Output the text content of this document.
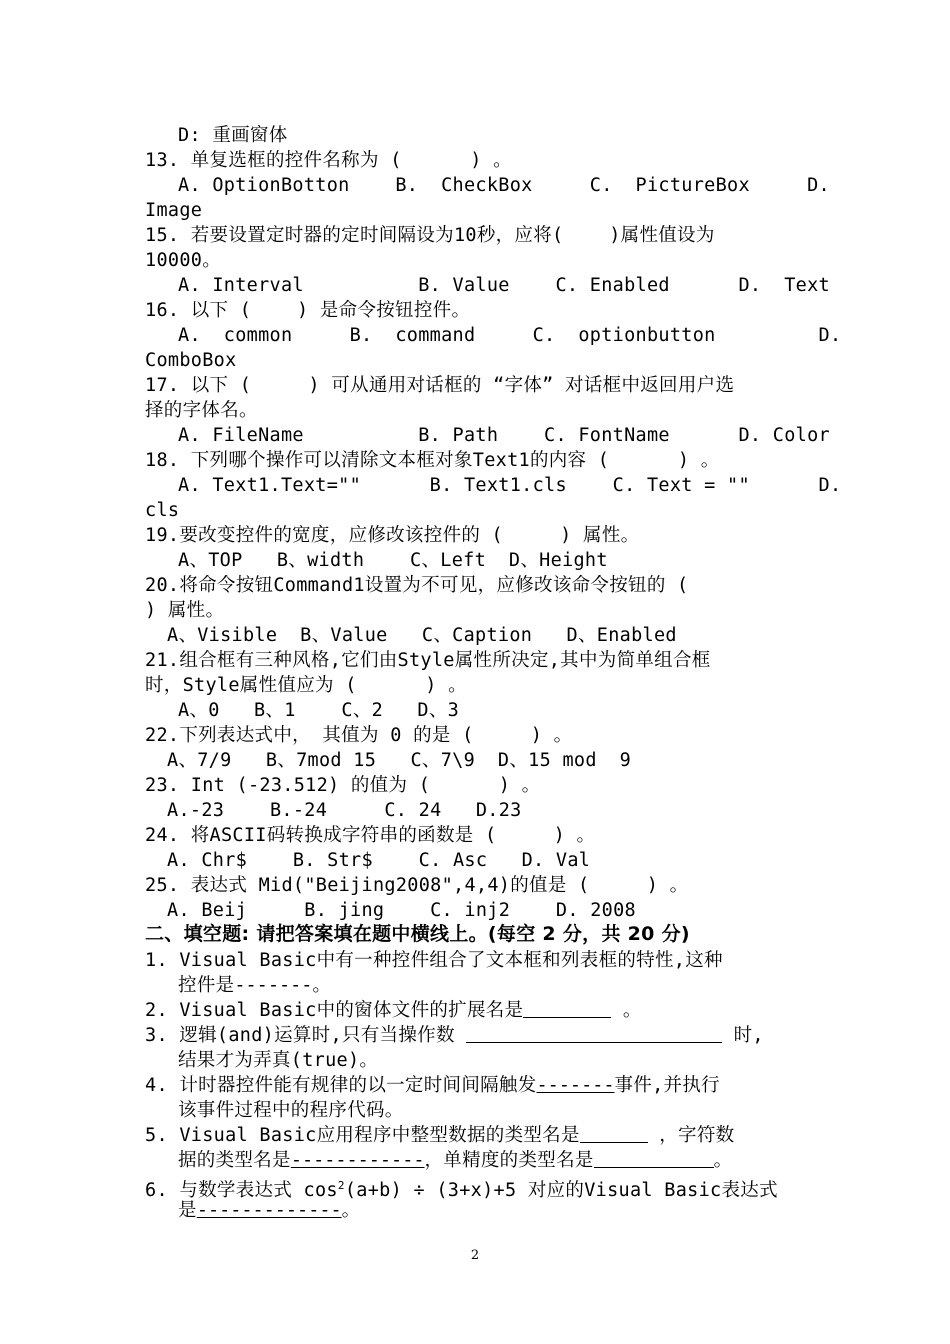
D: 重画窗体
13. 单复选框的控件名称为 (      ) 。
A. OptionBotton    B.  CheckBox     C.  PictureBox     D.
Image
15. 若要设置定时器的定时间隔设为10秒，应将(    )属性值设为
10000。
A. Interval          B. Value    C. Enabled      D.  Text
16. 以下 (    ) 是命令按钮控件。
A.  common     B.  command     C.  optionbutton         D.
ComboBox
17. 以下 (     ) 可从通用对话框的 “字体” 对话框中返回用户选
择的字体名。
A. FileName          B. Path    C. FontName      D. Color
18. 下列哪个操作可以清除文本框对象Text1的内容 (      ) 。
A. Text1.Text=""      B. Text1.cls    C. Text = ""      D.
cls
19.要改变控件的宽度，应修改该控件的 (     ) 属性。
A、TOP   B、width    C、Left  D、Height
20.将命令按钮Command1设置为不可见，应修改该命令按钮的 (
) 属性。
A、Visible  B、Value   C、Caption   D、Enabled
21.组合框有三种风格,它们由Style属性所决定,其中为简单组合框
时，Style属性值应为 (      ) 。
A、0   B、1    C、2   D、3
22.下列表达式中， 其值为 0 的是 (     ) 。
A、7/9   B、7mod 15   C、7\9  D、15 mod  9
23. Int (-23.512) 的值为 (      ) 。
A.-23    B.-24     C. 24   D.23
24. 将ASCII码转换成字符串的函数是 (     ) 。
A. Chr$    B. Str$    C. Asc   D. Val
25. 表达式 Mid("Beijing2008",4,4)的值是 (     ) 。
A. Beij     B. jing    C. inj2    D. 2008
二、填空题: 请把答案填在题中横线上。(每空 2 分，共 20 分)
1. Visual Basic中有一种控件组合了文本框和列表框的特性,这种
控件是-------。
2. Visual Basic中的窗体文件的扩展名是	。
3. 逻辑(and)运算时,只有当操作数	时,
结果才为弄真(true)。
4. 计时器控件能有规律的以一定时间间隔触发-------事件,并执行
该事件过程中的程序代码。
5. Visual Basic应用程序中整型数据的类型名是	，字符数
据的类型名是------------，单精度的类型名是	。
6. 与数学表达式 $\cos^2(a+b) \div (3+x)+5$ 对应的Visual Basic表达式
是-------------。
2
